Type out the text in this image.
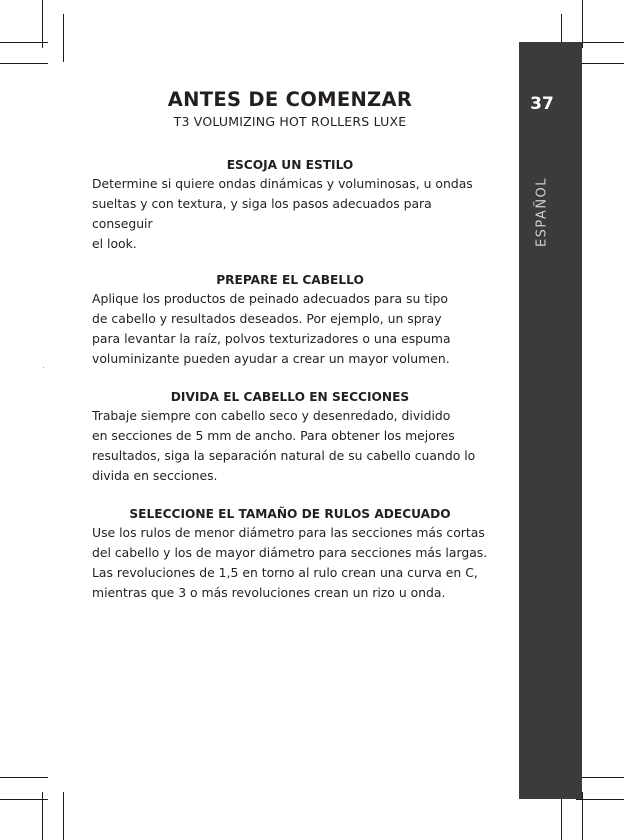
37
ESPAÑOL
ANTES DE COMENZAR

T3 VOLUMIZING HOT ROLLERS LUXE

ESCOJA UN ESTILO

Determine si quiere ondas dinámicas y voluminosas, u ondas

sueltas y con textura, y siga los pasos adecuados para conseguir

el look.

PREPARE EL CABELLO

Aplique los productos de peinado adecuados para su tipo

de cabello y resultados deseados. Por ejemplo, un spray

para levantar la raíz, polvos texturizadores o una espuma

voluminizante pueden ayudar a crear un mayor volumen.

DIVIDA EL CABELLO EN SECCIONES

Trabaje siempre con cabello seco y desenredado, dividido

en secciones de 5 mm de ancho. Para obtener los mejores

resultados, siga la separación natural de su cabello cuando lo

divida en secciones.

SELECCIONE EL TAMAÑO DE RULOS ADECUADO

Use los rulos de menor diámetro para las secciones más cortas

del cabello y los de mayor diámetro para secciones más largas.

Las revoluciones de 1,5 en torno al rulo crean una curva en C,

mientras que 3 o más revoluciones crean un rizo u onda.
